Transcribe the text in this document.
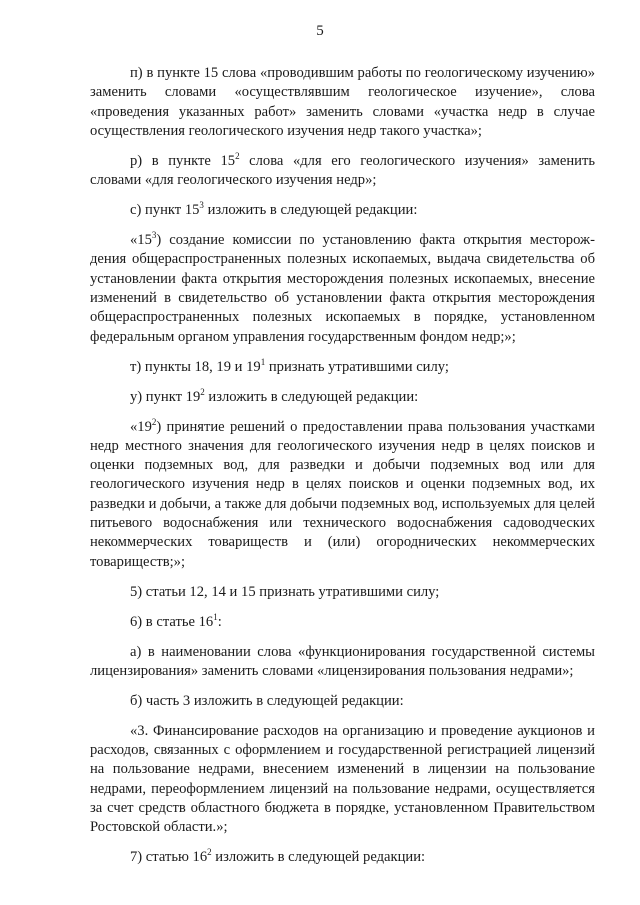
5

п) в пункте 15 слова «проводившим работы по геологическому изучению» заменить словами «осуществлявшим геологическое изучение», слова «проведения указанных работ» заменить словами «участка недр в случае осуществления геологического изучения недр такого участка»;

р) в пункте $15^2$ слова «для его геологического изучения» заменить словами «для геологического изучения недр»;

с) пункт $15^3$ изложить в следующей редакции:

«$15^3$) создание комиссии по установлению факта открытия месторождения общераспространенных полезных ископаемых, выдача свидетельства об установлении факта открытия месторождения полезных ископаемых, внесение изменений в свидетельство об установлении факта открытия месторождения общераспространенных полезных ископаемых в порядке, установленном федеральным органом управления государственным фондом недр;»;

т) пункты 18, 19 и $19^1$ признать утратившими силу;

у) пункт $19^2$ изложить в следующей редакции:

«$19^2$) принятие решений о предоставлении права пользования участками недр местного значения для геологического изучения недр в целях поисков и оценки подземных вод, для разведки и добычи подземных вод или для геологического изучения недр в целях поисков и оценки подземных вод, их разведки и добычи, а также для добычи подземных вод, используемых для целей питьевого водоснабжения или технического водоснабжения садоводческих некоммерческих товариществ и (или) огороднических некоммерческих товариществ;»;

5) статьи 12, 14 и 15 признать утратившими силу;

6) в статье $16^1$:

а) в наименовании слова «функционирования государственной системы лицензирования» заменить словами «лицензирования пользования недрами»;

б) часть 3 изложить в следующей редакции:

«3. Финансирование расходов на организацию и проведение аукционов и расходов, связанных с оформлением и государственной регистрацией лицензий на пользование недрами, внесением изменений в лицензии на пользование недрами, переоформлением лицензий на пользование недрами, осуществляется за счет средств областного бюджета в порядке, установленном Правительством Ростовской области.»;

7) статью $16^2$ изложить в следующей редакции:
